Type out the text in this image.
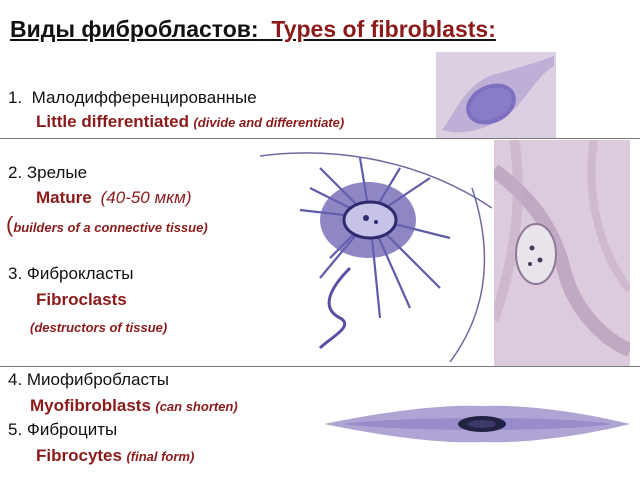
Виды фибробластов: Types of fibroblasts:
1.  Малодифференцированные
Little differentiated (divide and differentiate)
2. Зрелые
Mature (40-50 мкм)
(builders of a connective tissue)
3. Фиброкласты
Fibroclasts
(destructors of tissue)
4. Миофибробласты
Myofibroblasts (can shorten)
5. Фиброциты
Fibrocytes (final form)
